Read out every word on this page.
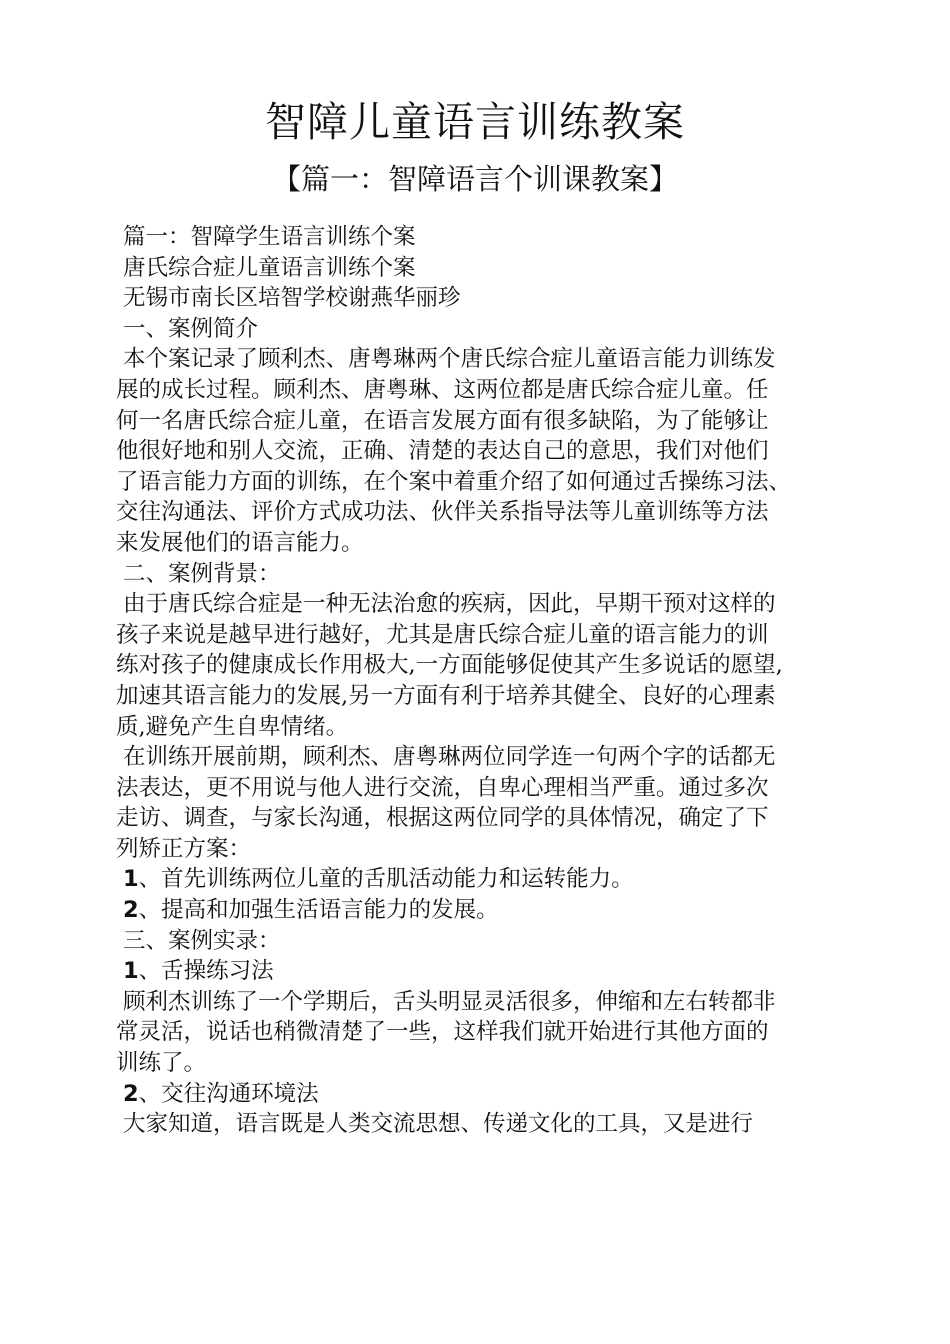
智障儿童语言训练教案
【篇一：智障语言个训课教案】
篇一：智障学生语言训练个案
唐氏综合症儿童语言训练个案
无锡市南长区培智学校谢燕华丽珍
一、案例简介
本个案记录了顾利杰、唐粤琳两个唐氏综合症儿童语言能力训练发
展的成长过程。顾利杰、唐粤琳、这两位都是唐氏综合症儿童。任
何一名唐氏综合症儿童，在语言发展方面有很多缺陷，为了能够让
他很好地和别人交流，正确、清楚的表达自己的意思，我们对他们
了语言能力方面的训练，在个案中着重介绍了如何通过舌操练习法、
交往沟通法、评价方式成功法、伙伴关系指导法等儿童训练等方法
来发展他们的语言能力。
二、案例背景：
由于唐氏综合症是一种无法治愈的疾病，因此，早期干预对这样的
孩子来说是越早进行越好，尤其是唐氏综合症儿童的语言能力的训
练对孩子的健康成长作用极大,一方面能够促使其产生多说话的愿望,
加速其语言能力的发展,另一方面有利于培养其健全、良好的心理素
质,避免产生自卑情绪。
在训练开展前期，顾利杰、唐粤琳两位同学连一句两个字的话都无
法表达，更不用说与他人进行交流，自卑心理相当严重。通过多次
走访、调查，与家长沟通，根据这两位同学的具体情况，确定了下
列矫正方案：
1、首先训练两位儿童的舌肌活动能力和运转能力。
2、提高和加强生活语言能力的发展。
三、案例实录：
1、舌操练习法
顾利杰训练了一个学期后，舌头明显灵活很多，伸缩和左右转都非
常灵活，说话也稍微清楚了一些，这样我们就开始进行其他方面的
训练了。
2、交往沟通环境法
大家知道，语言既是人类交流思想、传递文化的工具，又是进行
